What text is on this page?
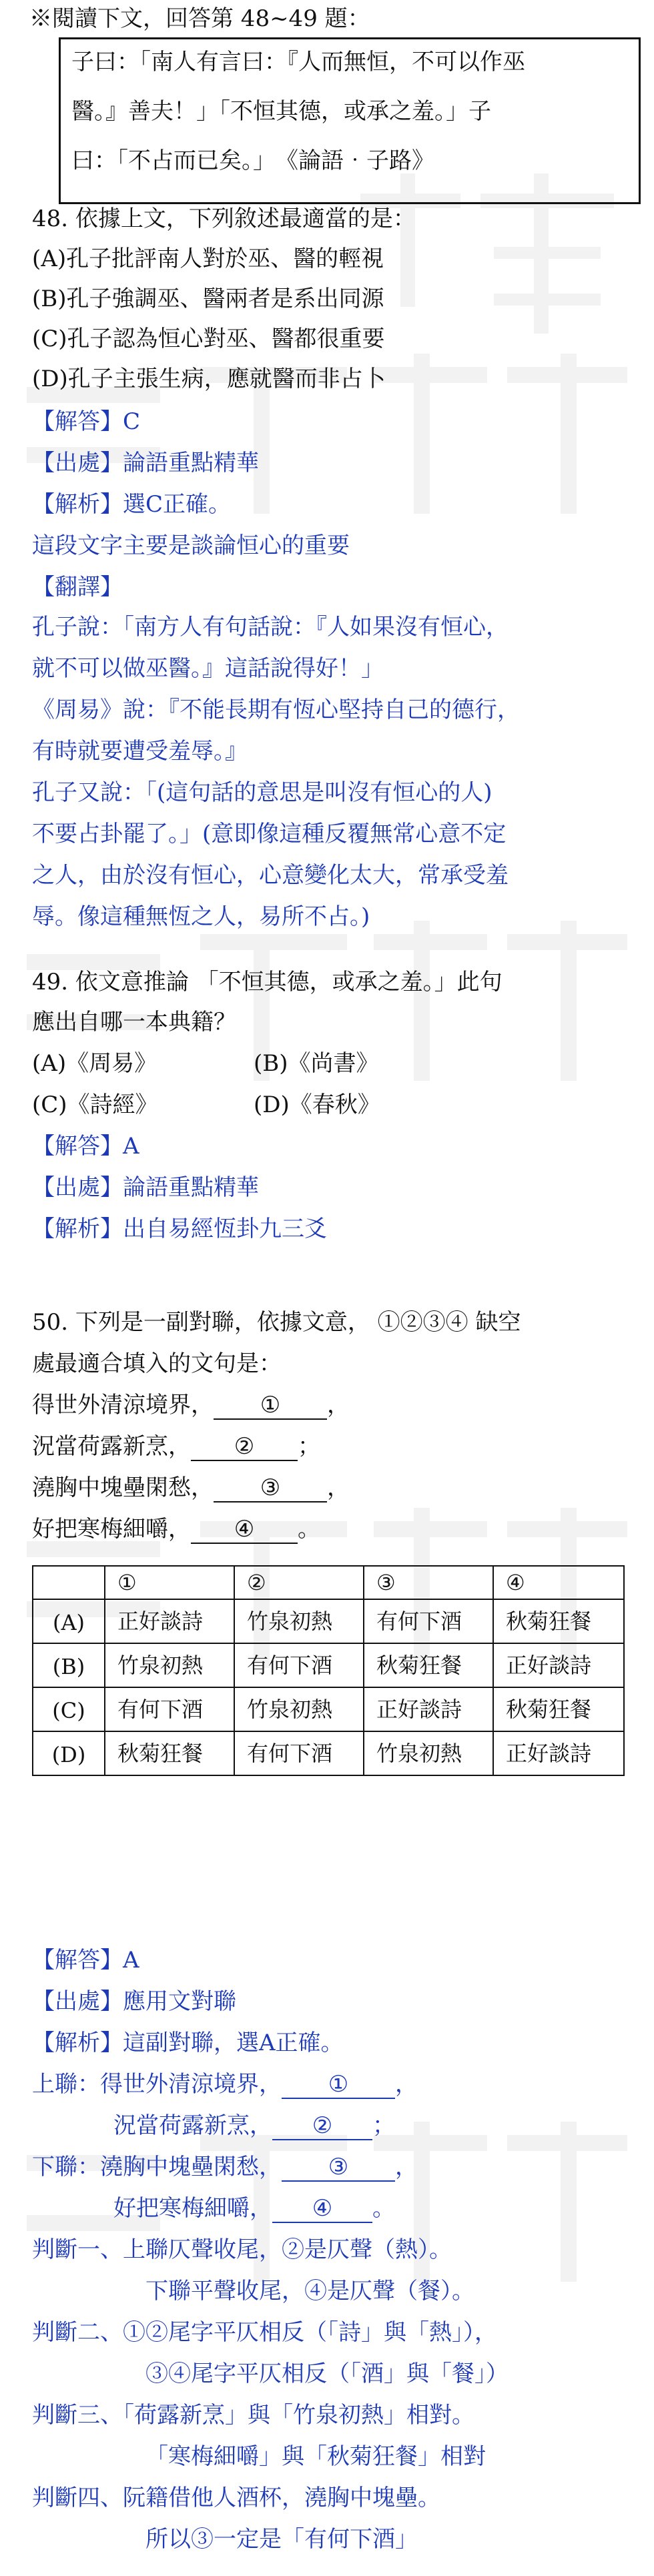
※閱讀下文，回答第 48~49 題：
子曰：「南人有言曰：『人而無恒，不可以作巫
醫。』善夫！」「不恒其德，或承之羞。」子
曰：「不占而已矣。」　《論語‧子路》
48. 依據上文，下列敘述最適當的是：
(A)孔子批評南人對於巫、醫的輕視
(B)孔子強調巫、醫兩者是系出同源
(C)孔子認為恒心對巫、醫都很重要
(D)孔子主張生病，應就醫而非占卜
【解答】C
【出處】論語重點精華
【解析】選C正確。
這段文字主要是談論恒心的重要
【翻譯】
孔子說：「南方人有句話說：『人如果沒有恒心，
就不可以做巫醫。』這話說得好！」
《周易》說：『不能長期有恆心堅持自己的德行，
有時就要遭受羞辱。』
孔子又說：「(這句話的意思是叫沒有恒心的人)
不要占卦罷了。」(意即像這種反覆無常心意不定
之人，由於沒有恒心，心意變化太大，常承受羞
辱。像這種無恆之人，易所不占。)
49. 依文意推論 「不恒其德，或承之羞。」此句
應出自哪一本典籍？
(A)《周易》	(B)《尚書》
(C)《詩經》	(D)《春秋》
【解答】A
【出處】論語重點精華
【解析】出自易經恆卦九三爻
50. 下列是一副對聯，依據文意， ①②③④ 缺空
處最適合填入的文句是：
得世外清涼境界， ① ，
況當荷露新烹， ② ；
澆胸中塊壘閑愁， ③ ，
好把寒梅細嚼， ④ 。
	①	②	③	④
(A)	正好談詩	竹泉初熱	有何下酒	秋菊狂餐
(B)	竹泉初熱	有何下酒	秋菊狂餐	正好談詩
(C)	有何下酒	竹泉初熱	正好談詩	秋菊狂餐
(D)	秋菊狂餐	有何下酒	竹泉初熱	正好談詩
【解答】A
【出處】應用文對聯
【解析】這副對聯，選A正確。
上聯：得世外清涼境界， ① ，
況當荷露新烹， ② ；
下聯：澆胸中塊壘閑愁， ③ ，
好把寒梅細嚼， ④ 。
判斷一、上聯仄聲收尾，②是仄聲（熱）。
下聯平聲收尾，④是仄聲（餐）。
判斷二、①②尾字平仄相反（「詩」與「熱」），
③④尾字平仄相反（「酒」與「餐」）
判斷三、「荷露新烹」與「竹泉初熱」相對。
「寒梅細嚼」與「秋菊狂餐」相對
判斷四、阮籍借他人酒杯，澆胸中塊壘。
所以③一定是「有何下酒」
